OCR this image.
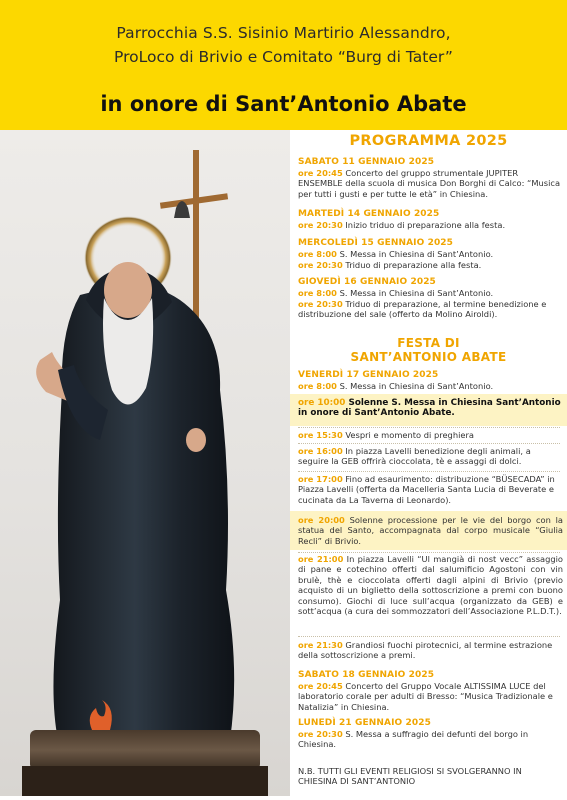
Parrocchia S.S. Sisinio Martirio Alessandro,
ProLoco di Brivio e Comitato “Burg di Tater”
in onore di Sant’Antonio Abate
PROGRAMMA 2025
SABATO 11 GENNAIO 2025
ore 20:45 Concerto del gruppo strumentale JUPITER ENSEMBLE della scuola di musica Don Borghi di Calco: “Musica per tutti i gusti e per tutte le età” in Chiesina.
MARTEDÌ 14 GENNAIO 2025
ore 20:30 Inizio triduo di preparazione alla festa.
MERCOLEDÌ 15 GENNAIO 2025
ore 8:00 S. Messa in Chiesina di Sant’Antonio.
ore 20:30 Triduo di preparazione alla festa.
GIOVEDÌ 16 GENNAIO 2025
ore 8:00 S. Messa in Chiesina di Sant’Antonio.
ore 20:30 Triduo di preparazione, al termine benedizione e distribuzione del sale (offerto da Molino Airoldi).
FESTA DI
SANT’ANTONIO ABATE
VENERDÌ 17 GENNAIO 2025
ore 8:00 S. Messa in Chiesina di Sant’Antonio.
ore 10:00 Solenne S. Messa in Chiesina Sant’Antonio in onore di Sant’Antonio Abate.
ore 15:30 Vespri e momento di preghiera
ore 16:00 In piazza Lavelli benedizione degli animali, a seguire la GEB offrirà cioccolata, tè e assaggi di dolci.
ore 17:00 Fino ad esaurimento: distribuzione “BÜSECADA” in Piazza Lavelli (offerta da Macelleria Santa Lucia di Beverate e cucinata da La Taverna di Leonardo).
ore 20:00 Solenne processione per le vie del borgo con la statua del Santo, accompagnata dal corpo musicale “Giulia Recli” di Brivio.
ore 21:00 In piazza Lavelli “Ul mangià di nost vecc” assaggio di pane e cotechino offerti dal salumificio Agostoni con vin brulè, thè e cioccolata offerti dagli alpini di Brivio (previo acquisto di un biglietto della sottoscrizione a premi con buono consumo). Giochi di luce sull’acqua (organizzato da GEB) e sott’acqua (a cura dei sommozzatori dell’Associazione P.L.D.T.).
ore 21:30 Grandiosi fuochi pirotecnici, al termine estrazione della sottoscrizione a premi.
SABATO 18 GENNAIO 2025
ore 20:45 Concerto del Gruppo Vocale ALTISSIMA LUCE del laboratorio corale per adulti di Bresso: “Musica Tradizionale e Natalizia” in Chiesina.
LUNEDÌ 21 GENNAIO 2025
ore 20:30 S. Messa a suffragio dei defunti del borgo in Chiesina.
N.B. TUTTI GLI EVENTI RELIGIOSI SI SVOLGERANNO IN CHIESINA DI SANT’ANTONIO
